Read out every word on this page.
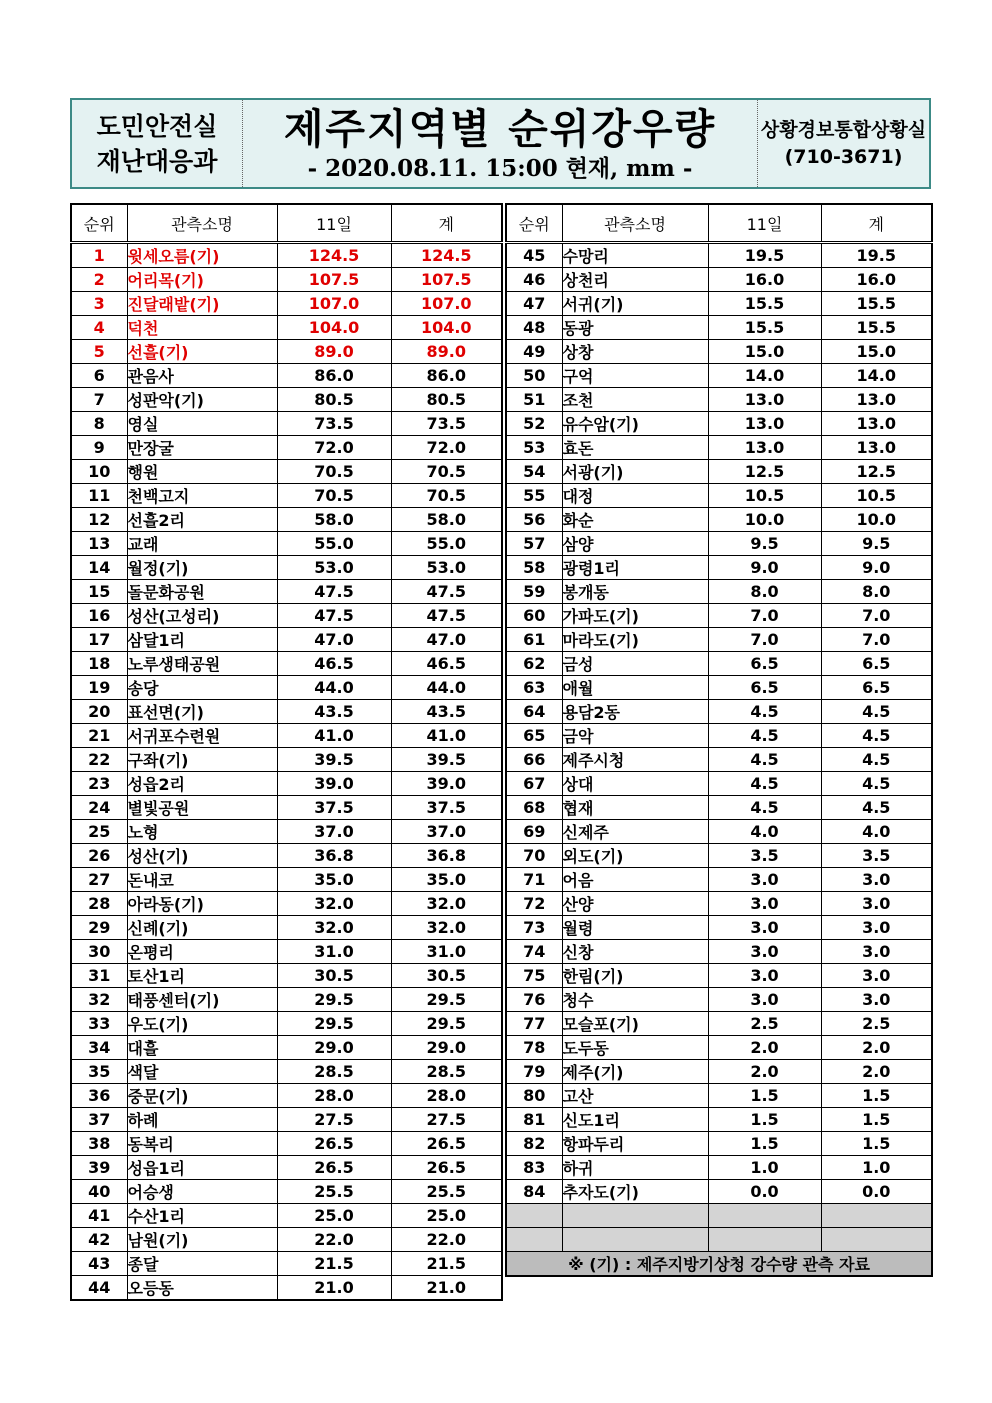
도민안전실
재난대응과
제주지역별 순위강우량
- 2020.08.11. 15:00 현재, mm -
상황경보통합상황실
(710-3671)
순위	관측소명	11일	계
1	윗세오름(기)	124.5	124.5
2	어리목(기)	107.5	107.5
3	진달래밭(기)	107.0	107.0
4	덕천	104.0	104.0
5	선흘(기)	89.0	89.0
6	관음사	86.0	86.0
7	성판악(기)	80.5	80.5
8	영실	73.5	73.5
9	만장굴	72.0	72.0
10	행원	70.5	70.5
11	천백고지	70.5	70.5
12	선흘2리	58.0	58.0
13	교래	55.0	55.0
14	월정(기)	53.0	53.0
15	돌문화공원	47.5	47.5
16	성산(고성리)	47.5	47.5
17	삼달1리	47.0	47.0
18	노루생태공원	46.5	46.5
19	송당	44.0	44.0
20	표선면(기)	43.5	43.5
21	서귀포수련원	41.0	41.0
22	구좌(기)	39.5	39.5
23	성읍2리	39.0	39.0
24	별빛공원	37.5	37.5
25	노형	37.0	37.0
26	성산(기)	36.8	36.8
27	돈내코	35.0	35.0
28	아라동(기)	32.0	32.0
29	신례(기)	32.0	32.0
30	온평리	31.0	31.0
31	토산1리	30.5	30.5
32	태풍센터(기)	29.5	29.5
33	우도(기)	29.5	29.5
34	대흘	29.0	29.0
35	색달	28.5	28.5
36	중문(기)	28.0	28.0
37	하례	27.5	27.5
38	동복리	26.5	26.5
39	성읍1리	26.5	26.5
40	어승생	25.5	25.5
41	수산1리	25.0	25.0
42	남원(기)	22.0	22.0
43	종달	21.5	21.5
44	오등동	21.0	21.0
순위	관측소명	11일	계
45	수망리	19.5	19.5
46	상천리	16.0	16.0
47	서귀(기)	15.5	15.5
48	동광	15.5	15.5
49	상창	15.0	15.0
50	구억	14.0	14.0
51	조천	13.0	13.0
52	유수암(기)	13.0	13.0
53	효돈	13.0	13.0
54	서광(기)	12.5	12.5
55	대정	10.5	10.5
56	화순	10.0	10.0
57	삼양	9.5	9.5
58	광령1리	9.0	9.0
59	봉개동	8.0	8.0
60	가파도(기)	7.0	7.0
61	마라도(기)	7.0	7.0
62	금성	6.5	6.5
63	애월	6.5	6.5
64	용담2동	4.5	4.5
65	금악	4.5	4.5
66	제주시청	4.5	4.5
67	상대	4.5	4.5
68	협재	4.5	4.5
69	신제주	4.0	4.0
70	외도(기)	3.5	3.5
71	어음	3.0	3.0
72	산양	3.0	3.0
73	월령	3.0	3.0
74	신창	3.0	3.0
75	한림(기)	3.0	3.0
76	청수	3.0	3.0
77	모슬포(기)	2.5	2.5
78	도두동	2.0	2.0
79	제주(기)	2.0	2.0
80	고산	1.5	1.5
81	신도1리	1.5	1.5
82	항파두리	1.5	1.5
83	하귀	1.0	1.0
84	추자도(기)	0.0	0.0

※ (기) : 제주지방기상청 강수량 관측 자료			
